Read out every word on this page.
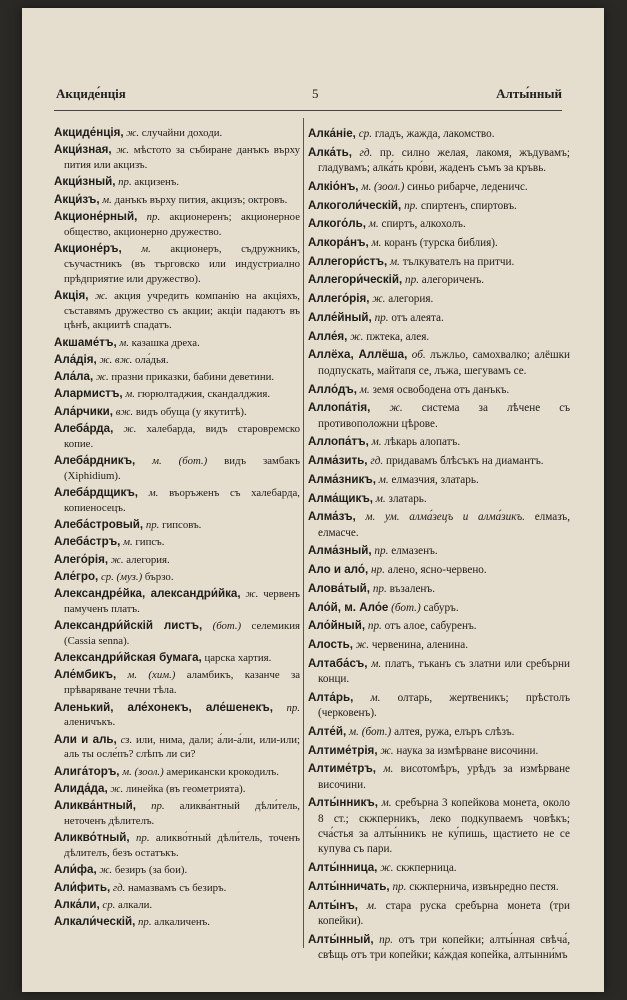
Акциде́нція	5	Алты́нный
Акциде́нція, ж. случайни доходи.
Акци́зная, ж. мѣстото за събиране данъкъ върху пития или акцизъ.
Акци́зный, пр. акцизенъ.
Акци́зъ, м. данъкъ върху пития, акцизъ; октровъ.
Акционе́рный, пр. акционеренъ; акционерное общество, акционерно дружество.
Акционе́ръ, м. акционеръ, съдружникъ, съучастникъ (въ търговско или индустриално прѣдприятие или дружество).
Акція, ж. акция учредить компанію на акціяхъ, съставямъ дружество съ акции; акціи падаютъ въ цѣнѣ, акциитѣ спадатъ.
Акшаме́тъ, м. казашка дреха.
Ала́дія, ж. вж. ола́дья.
Ала́ла, ж. празни приказки, бабини деветини.
Алармистъ, м. гюрюлтаджия, скандалджия.
Ала́рчики, вж. видъ обуща (у якутитѣ).
Алеба́рда, ж. халебарда, видъ старовремско копие.
Алеба́рдникъ, м. (бот.) видъ замбакъ (Xiphidium).
Алеба́рдщикъ, м. въоръженъ съ халебарда, копиеносецъ.
Алеба́стровый, пр. гипсовъ.
Алеба́стръ, м. гипсъ.
Алего́рія, ж. алегория.
Але́гро, ср. (муз.) бързо.
Александре́йка, александри́йка, ж. червенъ памученъ платъ.
Александри́йскій листъ, (бот.) селемикия (Cassia senna).
Александри́йская бумага, царска хартия.
Але́мбикъ, м. (хим.) аламбикъ, казанче за прѣваряване течни тѣла.
Аленький, але́хонекъ, але́шенекъ, пр. аленичъкъ.
Али и аль, сз. или, нима, дали; а́ли-а́ли, или-или; аль ты осле́пъ? слѣпъ ли си?
Алига́торъ, м. (зоол.) американски крокодилъ.
Алида́да, ж. линейка (въ геометрията).
Аликва́нтный, пр. аликва́нтный дѣли́тель, неточенъ дѣлителъ.
Аликво́тный, пр. аликво́тный дѣли́тель, точенъ дѣлителъ, безъ остатъкъ.
Али́фа, ж. безиръ (за бои).
Али́фить, гд. намазвамъ съ безиръ.
Алка́ли, ср. алкали.
Алкали́ческій, пр. алкаличенъ.
Алка́ніе, ср. гладъ, жажда, лакомство.
Алка́ть, гд. пр. силно желая, лакомя, жъдувамъ; гладувамъ; алка́ть кро́ви, жаденъ съмъ за кръвь.
Алкіо́нъ, м. (зоол.) синьо рибарче, леденичс.
Алкоголи́ческій, пр. спиртенъ, спиртовъ.
Алкого́ль, м. спиртъ, алкохолъ.
Алкора́нъ, м. коранъ (турска библия).
Аллегори́стъ, м. тълкувателъ на притчи.
Аллегори́ческій, пр. алегориченъ.
Аллего́рія, ж. алегория.
Алле́йный, пр. отъ алеята.
Алле́я, ж. пжтека, алея.
Аллёха, Аллёша, об. лъжльо, самохвалко; алёшки подпускать, майтапя се, лъжа, шегувамъ се.
Алло́дъ, м. земя освободена отъ данъкъ.
Аллопа́тія, ж. система за лѣчене съ противоположни цѣрове.
Аллопа́тъ, м. лѣкарь алопатъ.
Алма́зить, гд. придавамъ блѣсъкъ на диамантъ.
Алма́зникъ, м. елмазчия, златарь.
Алма́щикъ, м. златарь.
Алма́зъ, м. ум. алма́зецъ и алма́зикъ. елмазъ, елмасче.
Алма́зный, пр. елмазенъ.
Ало и ало́, нр. алено, ясно-червено.
Алова́тый, пр. възаленъ.
Ало́й, м. Ало́е (бот.) сабуръ.
Ало́йный, пр. отъ алое, сабуренъ.
Алость, ж. червенина, аленина.
Алтаба́съ, м. платъ, тъканъ съ златни или сребърни конци.
Алта́рь, м. олтарь, жертвеникъ; прѣстолъ (черковенъ).
Алте́й, м. (бот.) алтея, ружа, елъръ слѣзъ.
Алтиме́трія, ж. наука за измѣрване височини.
Алтиме́тръ, м. висотомѣръ, урѣдъ за измѣрване височини.
Алты́нникъ, м. сребърна 3 копейкова монета, около 8 ст.; скжперникъ, леко подкупваемъ човѣкъ; сча́стья за алты́нникъ не ку́пишь, щастието не се купува съ пари.
Алты́нница, ж. скжперница.
Алты́нничать, пр. скжпернича, извънредно пестя.
Алты́нъ, м. стара руска сребърна монета (три копейки).
Алты́нный, пр. отъ три копейки; алты́нная свѣча́, свѣщь отъ три копейки; ка́ждая копейка, алтынни́мъ
